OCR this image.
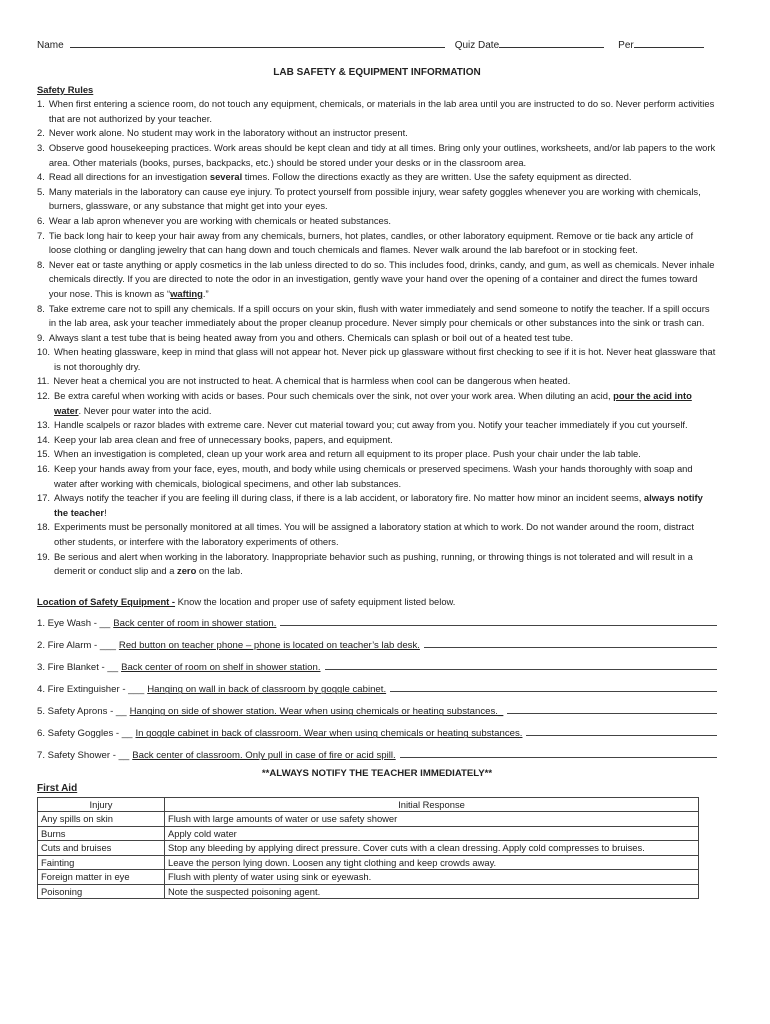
Name	Quiz Date	Per
LAB SAFETY & EQUIPMENT INFORMATION
Safety Rules
1. When first entering a science room, do not touch any equipment, chemicals, or materials in the lab area until you are instructed to do so. Never perform activities that are not authorized by your teacher.
2. Never work alone. No student may work in the laboratory without an instructor present.
3. Observe good housekeeping practices. Work areas should be kept clean and tidy at all times. Bring only your outlines, worksheets, and/or lab papers to the work area. Other materials (books, purses, backpacks, etc.) should be stored under your desks or in the classroom area.
4. Read all directions for an investigation several times. Follow the directions exactly as they are written. Use the safety equipment as directed.
5. Many materials in the laboratory can cause eye injury. To protect yourself from possible injury, wear safety goggles whenever you are working with chemicals, burners, glassware, or any substance that might get into your eyes.
6. Wear a lab apron whenever you are working with chemicals or heated substances.
7. Tie back long hair to keep your hair away from any chemicals, burners, hot plates, candles, or other laboratory equipment. Remove or tie back any article of loose clothing or dangling jewelry that can hang down and touch chemicals and flames. Never walk around the lab barefoot or in stocking feet.
8. Never eat or taste anything or apply cosmetics in the lab unless directed to do so. This includes food, drinks, candy, and gum, as well as chemicals. Never inhale chemicals directly. If you are directed to note the odor in an investigation, gently wave your hand over the opening of a container and direct the fumes toward your nose. This is known as “wafting.”
8. Take extreme care not to spill any chemicals. If a spill occurs on your skin, flush with water immediately and send someone to notify the teacher. If a spill occurs in the lab area, ask your teacher immediately about the proper cleanup procedure. Never simply pour chemicals or other substances into the sink or trash can.
9. Always slant a test tube that is being heated away from you and others. Chemicals can splash or boil out of a heated test tube.
10. When heating glassware, keep in mind that glass will not appear hot. Never pick up glassware without first checking to see if it is hot. Never heat glassware that is not thoroughly dry.
11. Never heat a chemical you are not instructed to heat. A chemical that is harmless when cool can be dangerous when heated.
12. Be extra careful when working with acids or bases. Pour such chemicals over the sink, not over your work area. When diluting an acid, pour the acid into water. Never pour water into the acid.
13. Handle scalpels or razor blades with extreme care. Never cut material toward you; cut away from you. Notify your teacher immediately if you cut yourself.
14. Keep your lab area clean and free of unnecessary books, papers, and equipment.
15. When an investigation is completed, clean up your work area and return all equipment to its proper place. Push your chair under the lab table.
16. Keep your hands away from your face, eyes, mouth, and body while using chemicals or preserved specimens. Wash your hands thoroughly with soap and water after working with chemicals, biological specimens, and other lab substances.
17. Always notify the teacher if you are feeling ill during class, if there is a lab accident, or laboratory fire. No matter how minor an incident seems, always notify the teacher!
18. Experiments must be personally monitored at all times. You will be assigned a laboratory station at which to work. Do not wander around the room, distract other students, or interfere with the laboratory experiments of others.
19. Be serious and alert when working in the laboratory. Inappropriate behavior such as pushing, running, or throwing things is not tolerated and will result in a demerit or conduct slip and a zero on the lab.
Location of Safety Equipment - Know the location and proper use of safety equipment listed below.
1. Eye Wash - __ Back center of room in shower station.
2. Fire Alarm - ___ Red button on teacher phone – phone is located on teacher’s lab desk.
3. Fire Blanket - __ Back center of room on shelf in shower station.
4. Fire Extinguisher - ___ Hanging on wall in back of classroom by goggle cabinet.
5. Safety Aprons - __ Hanging on side of shower station. Wear when using chemicals or heating substances._
6. Safety Goggles - __ In goggle cabinet in back of classroom. Wear when using chemicals or heating substances.
7. Safety Shower - __ Back center of classroom. Only pull in case of fire or acid spill.
**ALWAYS NOTIFY THE TEACHER IMMEDIATELY**
First Aid
Injury	Initial Response
Any spills on skin	Flush with large amounts of water or use safety shower
Burns	Apply cold water
Cuts and bruises	Stop any bleeding by applying direct pressure. Cover cuts with a clean dressing. Apply cold compresses to bruises.
Fainting	Leave the person lying down. Loosen any tight clothing and keep crowds away.
Foreign matter in eye	Flush with plenty of water using sink or eyewash.
Poisoning	Note the suspected poisoning agent.
